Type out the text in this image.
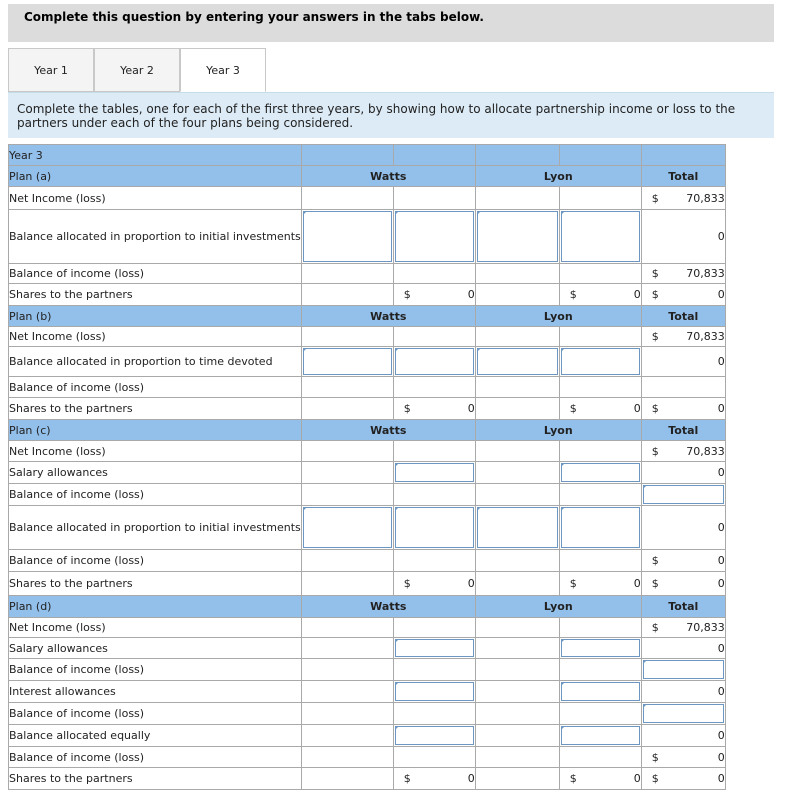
Complete this question by entering your answers in the tabs below.
Year 1	Year 2	Year 3
Complete the tables, one for each of the first three years, by showing how to allocate partnership income or loss to the partners under each of the four plans being considered.
Year 3					
Plan (a)	Watts		Lyon		Total
Net Income (loss)					$ 70,833
Balance allocated in proportion to initial investments					0
Balance of income (loss)					$ 70,833
Shares to the partners		$ 0		$ 0	$ 0
Plan (b)	Watts		Lyon		Total
Net Income (loss)					$ 70,833
Balance allocated in proportion to time devoted					0
Balance of income (loss)					
Shares to the partners		$ 0		$ 0	$ 0
Plan (c)	Watts		Lyon		Total
Net Income (loss)					$ 70,833
Salary allowances					0
Balance of income (loss)					

Balance allocated in proportion to initial investments					0
Balance of income (loss)					$ 0
Shares to the partners		$ 0		$ 0	$ 0
Plan (d)	Watts		Lyon		Total
Net Income (loss)					$ 70,833
Salary allowances					0
Balance of income (loss)					

Interest allowances					0
Balance of income (loss)					

Balance allocated equally					0
Balance of income (loss)					$ 0
Shares to the partners		$ 0		$ 0	$ 0
